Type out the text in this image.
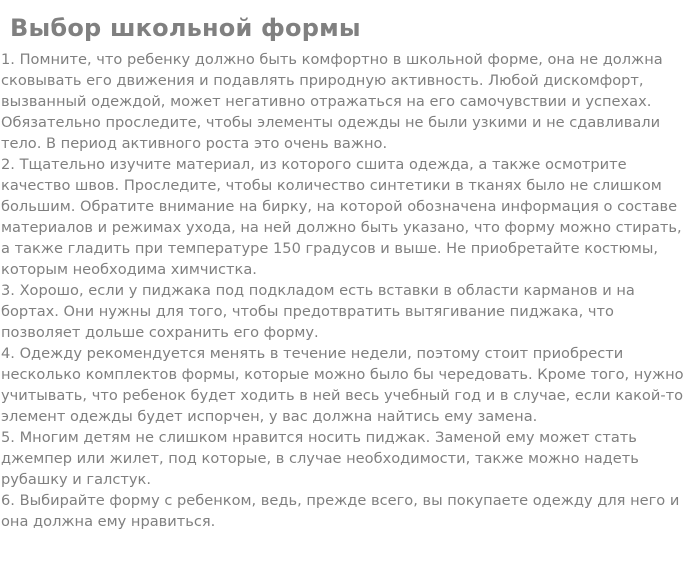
Выбор школьной формы
1. Помните, что ребенку должно быть комфортно в школьной форме, она не должна сковывать его движения и подавлять природную активность. Любой дискомфорт, вызванный одеждой, может негативно отражаться на его самочувствии и успехах. Обязательно проследите, чтобы элементы одежды не были узкими и не сдавливали тело. В период активного роста это очень важно.
2. Тщательно изучите материал, из которого сшита одежда, а также осмотрите качество швов. Проследите, чтобы количество синтетики в тканях было не слишком большим. Обратите внимание на бирку, на которой обозначена информация о составе материалов и режимах ухода, на ней должно быть указано, что форму можно стирать, а также гладить при температуре 150 градусов и выше. Не приобретайте костюмы, которым необходима химчистка.
3. Хорошо, если у пиджака под подкладом есть вставки в области карманов и на бортах. Они нужны для того, чтобы предотвратить вытягивание пиджака, что позволяет дольше сохранить его форму.
4. Одежду рекомендуется менять в течение недели, поэтому стоит приобрести несколько комплектов формы, которые можно было бы чередовать. Кроме того, нужно учитывать, что ребенок будет ходить в ней весь учебный год и в случае, если какой-то элемент одежды будет испорчен, у вас должна найтись ему замена.
5. Многим детям не слишком нравится носить пиджак. Заменой ему может стать джемпер или жилет, под которые, в случае необходимости, также можно надеть рубашку и галстук.
6. Выбирайте форму с ребенком, ведь, прежде всего, вы покупаете одежду для него и она должна ему нравиться.
